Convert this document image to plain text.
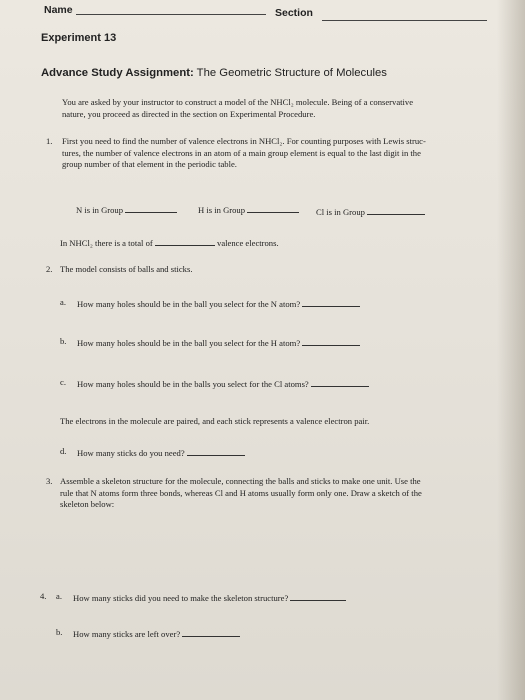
Name	Section
Experiment 13
Advance Study Assignment: The Geometric Structure of Molecules
You are asked by your instructor to construct a model of the NHCl₂ molecule. Being of a conservative
nature, you proceed as directed in the section on Experimental Procedure.
1. First you need to find the number of valence electrons in NHCl₂. For counting purposes with Lewis struc-
tures, the number of valence electrons in an atom of a main group element is equal to the last digit in the
group number of that element in the periodic table.
N is in Group	H is in Group	Cl is in Group
In NHCl₂ there is a total of	valence electrons.
2. The model consists of balls and sticks.
a. How many holes should be in the ball you select for the N atom?
b. How many holes should be in the ball you select for the H atom?
c. How many holes should be in the balls you select for the Cl atoms?
The electrons in the molecule are paired, and each stick represents a valence electron pair.
d. How many sticks do you need?
3. Assemble a skeleton structure for the molecule, connecting the balls and sticks to make one unit. Use the
rule that N atoms form three bonds, whereas Cl and H atoms usually form only one. Draw a sketch of the
skeleton below:
4. a. How many sticks did you need to make the skeleton structure?
b. How many sticks are left over?
